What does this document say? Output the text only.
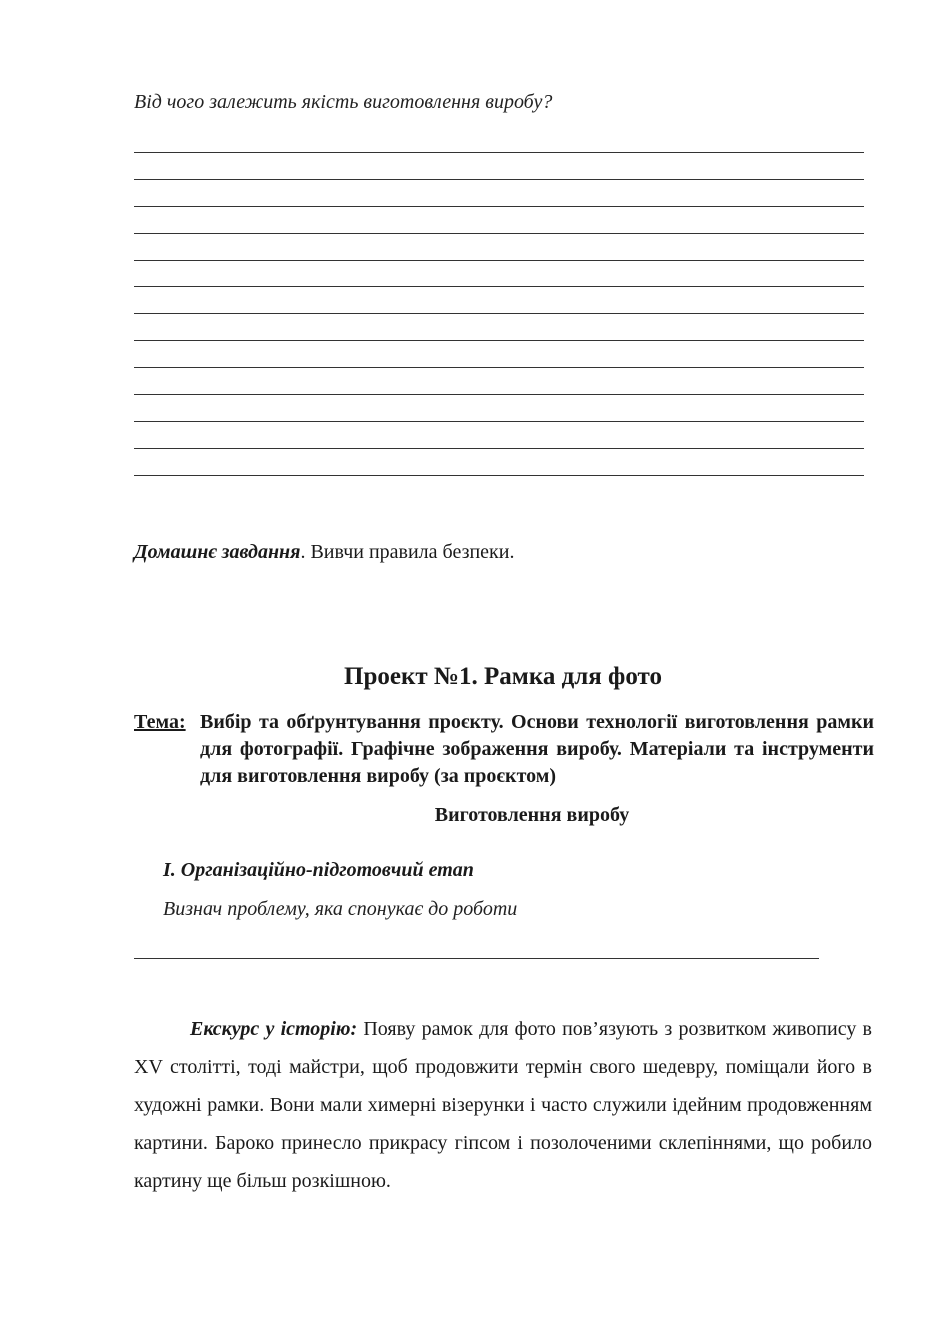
Від чого залежить якість виготовлення виробу?
Домашнє завдання. Вивчи правила безпеки.
Проект №1. Рамка для фото
Тема: Вибір та обґрунтування проєкту. Основи технології виготовлення рамки для фотографії. Графічне зображення виробу. Матеріали та інструменти для виготовлення виробу (за проєктом)
Виготовлення виробу
І. Організаційно-підготовчий етап
Визнач проблему, яка спонукає до роботи
Екскурс у історію: Появу рамок для фото пов’язують з розвитком живопису в XV столітті, тоді майстри, щоб продовжити термін свого шедевру, поміщали його в художні рамки. Вони мали химерні візерунки і часто служили ідейним продовженням картини. Бароко принесло прикрасу гіпсом і позолоченими склепіннями, що робило картину ще більш розкішною.
